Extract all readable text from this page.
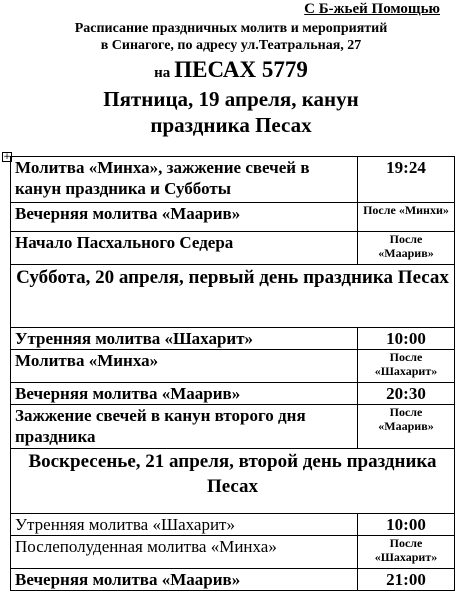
С Б-жьей Помощью
Расписание праздничных молитв и мероприятий
в Синагоге, по адресу ул.Театральная, 27
на ПЕСАХ 5779
Пятница, 19 апреля, канун
праздника Песах
+
Молитва «Минха», зажжение свечей в канун праздника и Субботы	19:24
Вечерняя молитва «Маарив»	После «Минхи»
Начало Пасхального Седера	После «Маарив»
Суббота, 20 апреля, первый день праздника Песах	
Утренняя молитва «Шахарит»	10:00
Молитва «Минха»	После «Шахарит»
Вечерняя молитва «Маарив»	20:30
Зажжение свечей в канун второго дня праздника	После «Маарив»
Воскресенье, 21 апреля, второй день праздника Песах	
Утренняя молитва «Шахарит»	10:00
Послеполуденная молитва «Минха»	После «Шахарит»
Вечерняя молитва «Маарив»	21:00
